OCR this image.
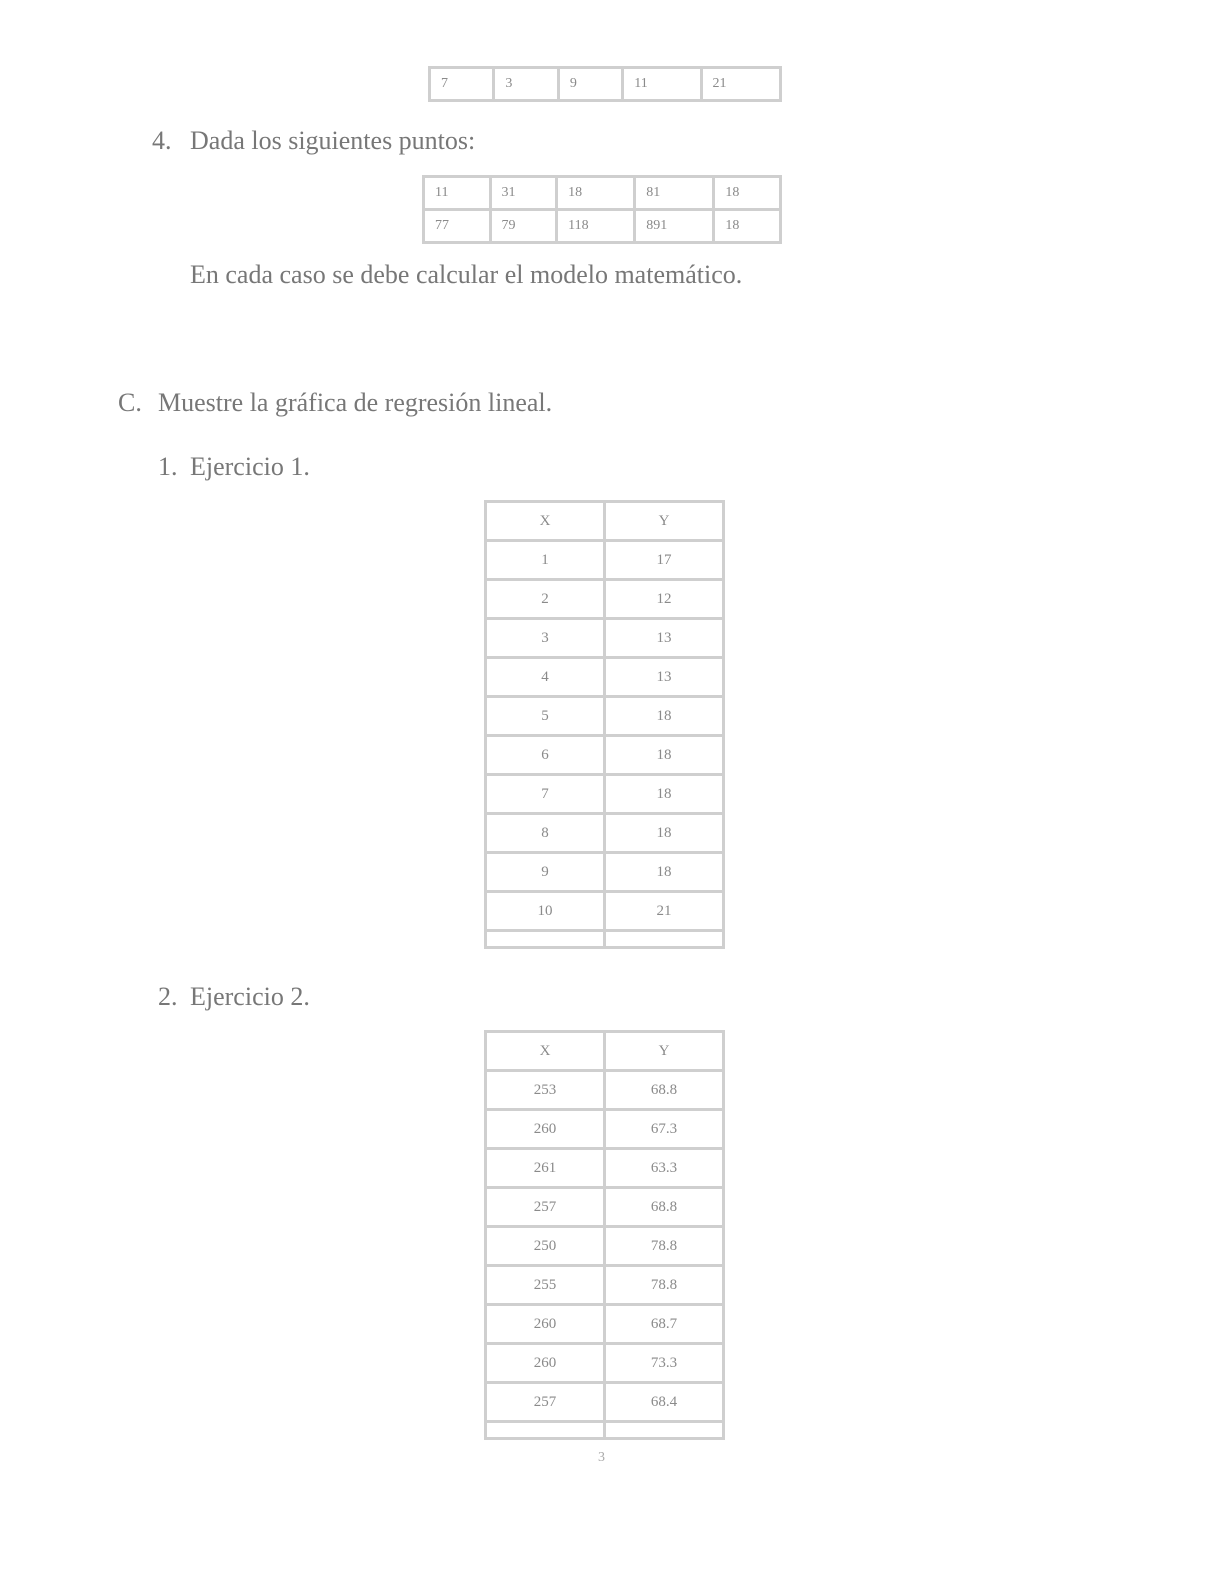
7	3	9	11	21
4. Dada los siguientes puntos:
11	31	18	81	18
77	79	118	891	18
En cada caso se debe calcular el modelo matemático.
C. Muestre la gráfica de regresión lineal.
1. Ejercicio 1.
X	Y
1	17
2	12
3	13
4	13
5	18
6	18
7	18
8	18
9	18
10	21

2. Ejercicio 2.
X	Y
253	68.8
260	67.3
261	63.3
257	68.8
250	78.8
255	78.8
260	68.7
260	73.3
257	68.4

3
